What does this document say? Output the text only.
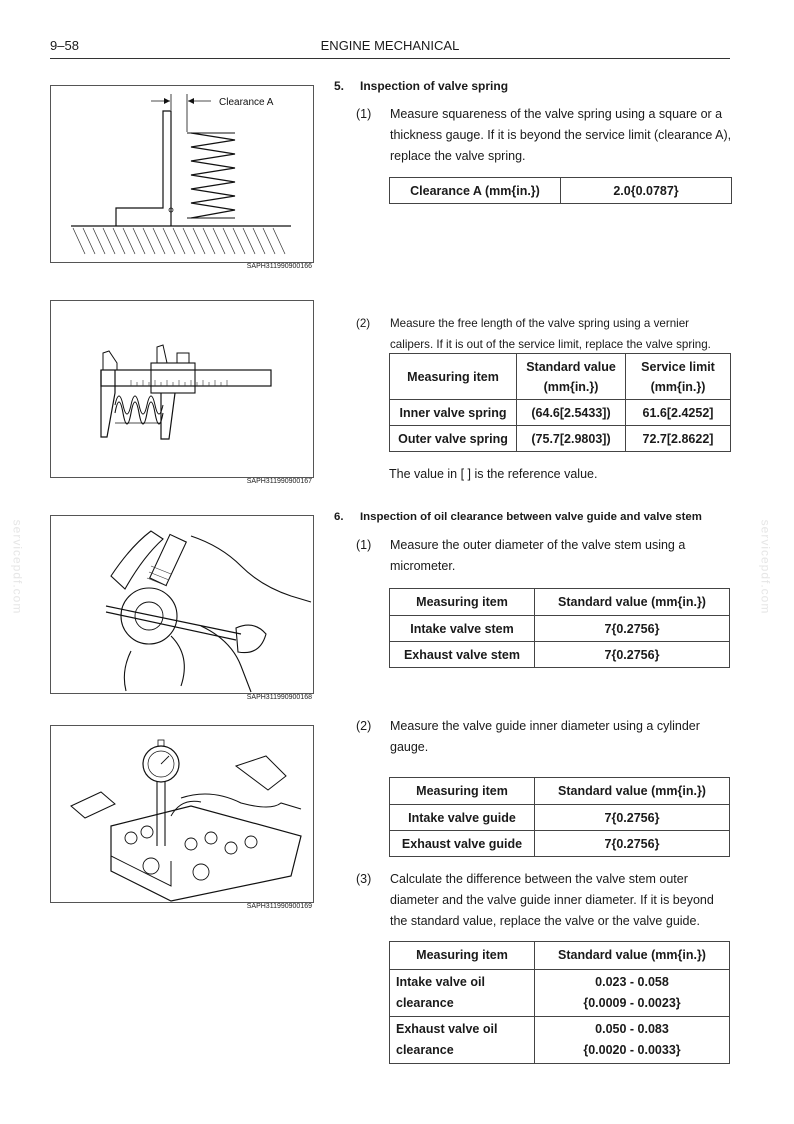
9–58	ENGINE MECHANICAL
servicepdf.com	servicepdf.com
Clearance A
SAPH311990900166
SAPH311990900167
SAPH311990900168
SAPH311990900169
5. Inspection of valve spring
(1) Measure squareness of the valve spring using a square or a thickness gauge. If it is beyond the service limit (clearance A), replace the valve spring.
Clearance A (mm{in.})	2.0{0.0787}
(2) Measure the free length of the valve spring using a vernier calipers. If it is out of the service limit, replace the valve spring.
Measuring item	Standard value (mm{in.})	Service limit (mm{in.})
Inner valve spring	(64.6[2.5433])	61.6[2.4252]
Outer valve spring	(75.7[2.9803])	72.7[2.8622]
The value in [ ] is the reference value.
6. Inspection of oil clearance between valve guide and valve stem
(1) Measure the outer diameter of the valve stem using a micrometer.
Measuring item	Standard value (mm{in.})
Intake valve stem	7{0.2756}
Exhaust valve stem	7{0.2756}
(2) Measure the valve guide inner diameter using a cylinder gauge.
Measuring item	Standard value (mm{in.})
Intake valve guide	7{0.2756}
Exhaust valve guide	7{0.2756}
(3) Calculate the difference between the valve stem outer diameter and the valve guide inner diameter. If it is beyond the standard value, replace the valve or the valve guide.
Measuring item	Standard value (mm{in.})
Intake valve oil clearance	0.023 - 0.058
{0.0009 - 0.0023}

Exhaust valve oil clearance	0.050 - 0.083
{0.0020 - 0.0033}
